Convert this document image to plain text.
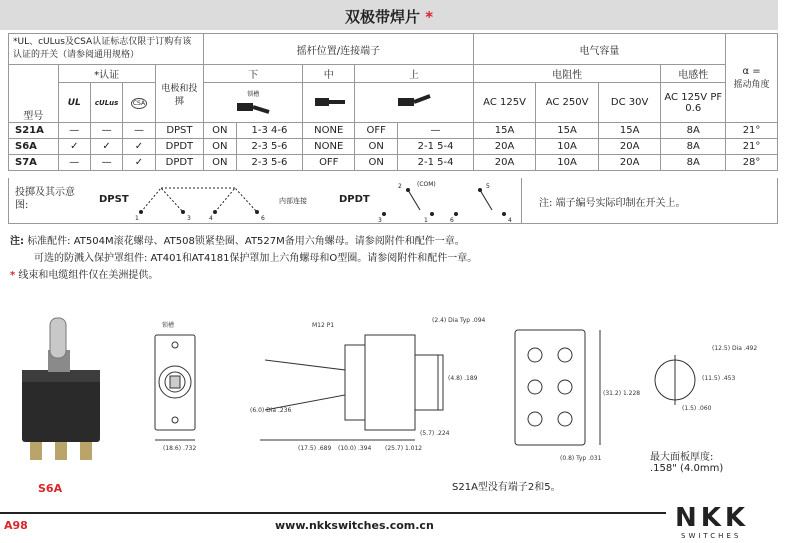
双极带焊片 *
*UL、cULus及CSA认证标志仅限于订购有该认证的开关（请参阅通用规格）					摇杆位置/连接端子					电气容量				α =
摇动角度

型号	*认证			电极和投掷	下		中	上		电阻性			电感性	
	UL	cULus	CSA		锁槽					AC 125V	AC 250V	DC 30V	AC 125V PF 0.6	
S21A	—	—	—	DPST	ON	1-3 4-6	NONE	OFF	—	15A	15A	15A	8A	21°
S6A	✓	✓	✓	DPDT	ON	2-3 5-6	NONE	ON	2-1 5-4	20A	10A	20A	8A	21°
S7A	—	—	✓	DPDT	ON	2-3 5-6	OFF	ON	2-1 5-4	20A	10A	20A	8A	28°
投掷及其示意图:
DPST
1	3	4	6
内部连接	DPDT
2	5
3	1	6	4
(COM)
注: 端子编号实际印制在开关上。
注: 标准配件: AT504M滚花螺母、AT508锁紧垫圈、AT527M备用六角螺母。请参阅附件和配件一章。
可选的防溅入保护罩组件: AT401和AT4181保护罩加上六角螺母和O型圈。请参阅附件和配件一章。
* 线束和电缆组件仅在美洲提供。
锁槽
(18.6) .732
M12 P1
(6.0) Dia .236
(17.5) .689 (10.0) .394 (25.7) 1.012
(5.7) .224
(4.8) .189
(2.4) Dia Typ .094
(31.2) 1.228
(0.8) Typ .031
(12.5) Dia .492
(11.5) .453
(1.5) .060
S6A	S21A型没有端子2和5。
最大面板厚度:
.158" (4.0mm)
A98	www.nkkswitches.com.cn	NKK
SWITCHES
